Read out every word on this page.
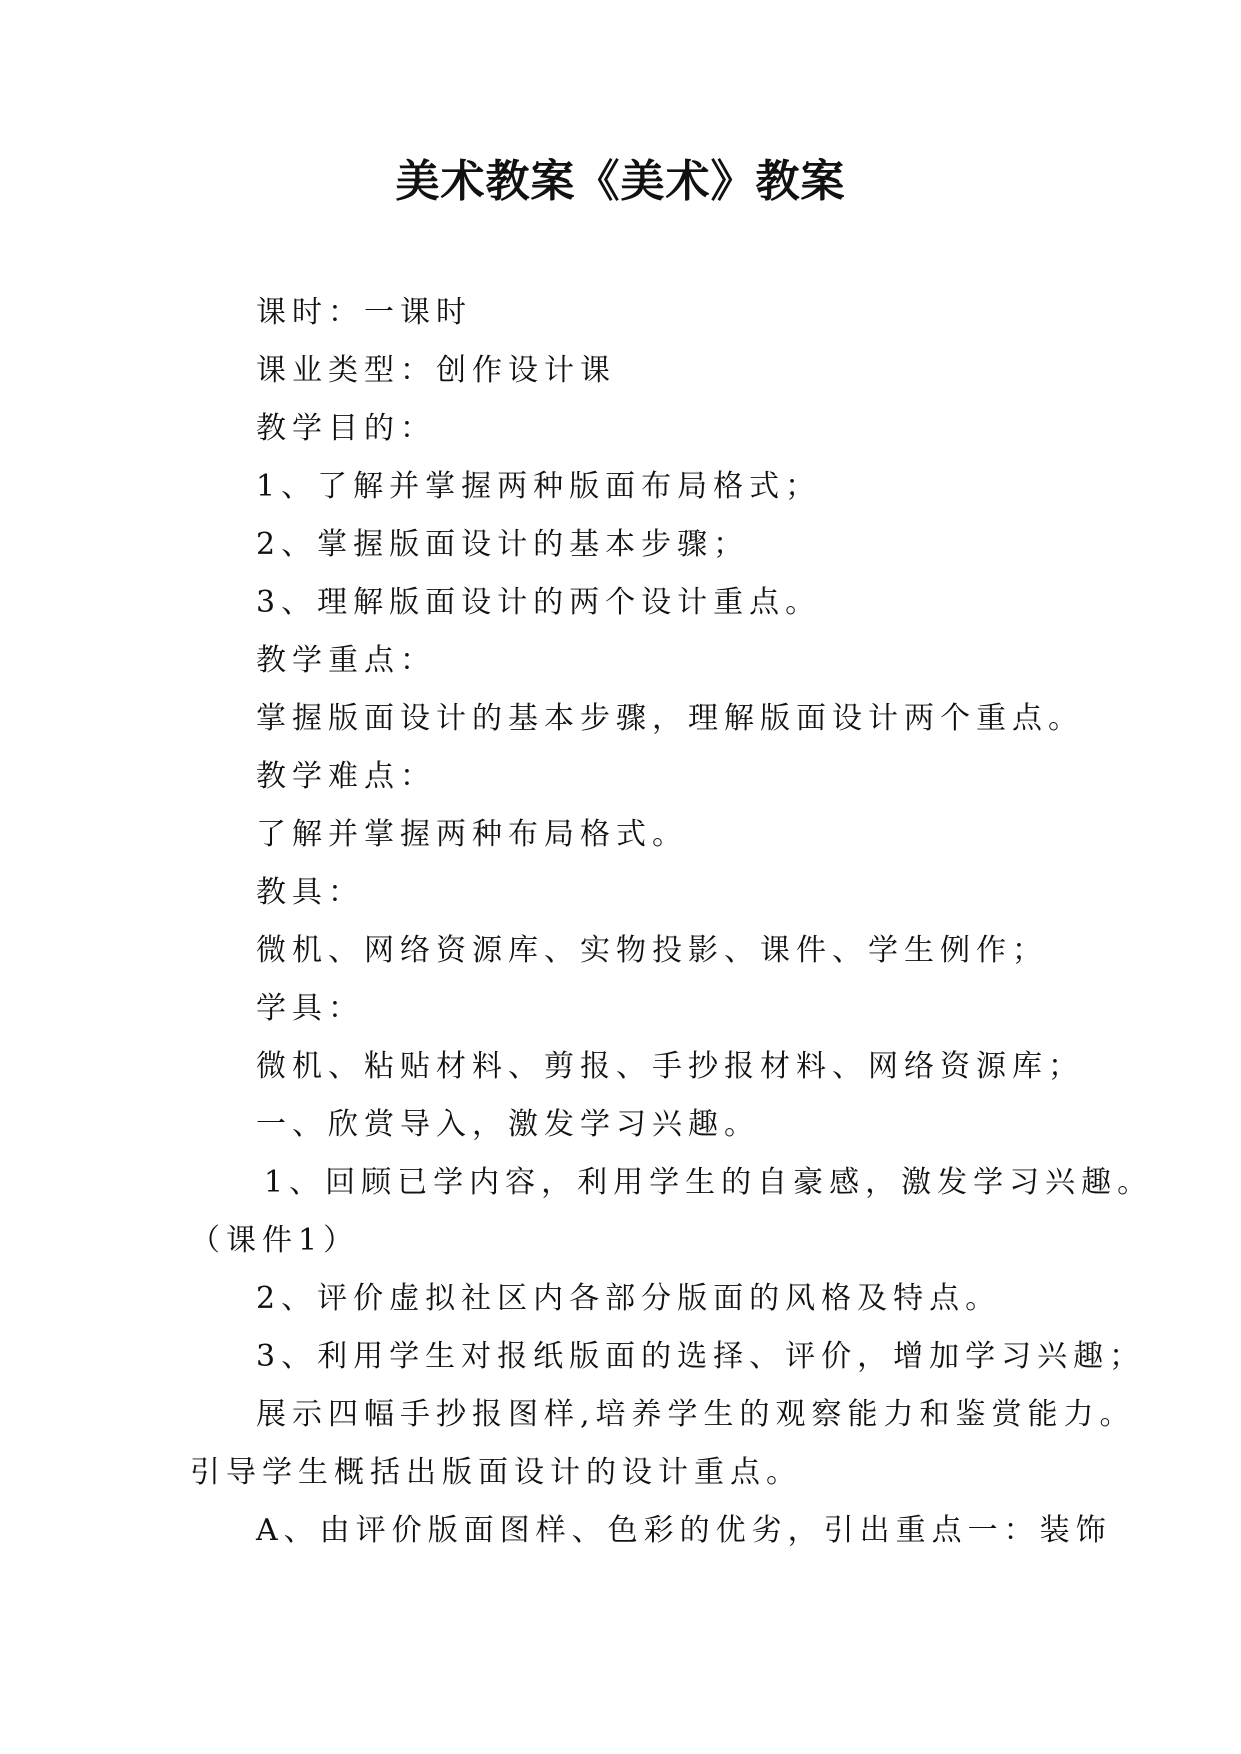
美术教案《美术》教案
课时：一课时
课业类型：创作设计课
教学目的：
1、了解并掌握两种版面布局格式；
2、掌握版面设计的基本步骤；
3、理解版面设计的两个设计重点。
教学重点：
掌握版面设计的基本步骤，理解版面设计两个重点。
教学难点：
了解并掌握两种布局格式。
教具：
微机、网络资源库、实物投影、课件、学生例作；
学具：
微机、粘贴材料、剪报、手抄报材料、网络资源库；
一、欣赏导入，激发学习兴趣。
1、回顾已学内容，利用学生的自豪感，激发学习兴趣。
（课件1）
2、评价虚拟社区内各部分版面的风格及特点。
3、利用学生对报纸版面的选择、评价，增加学习兴趣；
展示四幅手抄报图样,培养学生的观察能力和鉴赏能力。
引导学生概括出版面设计的设计重点。
A、由评价版面图样、色彩的优劣，引出重点一：装饰
